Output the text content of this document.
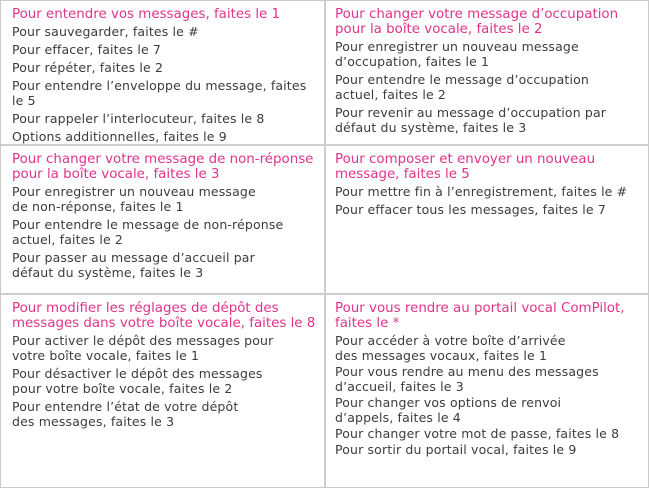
Pour entendre vos messages, faites le 1
Pour sauvegarder, faites le #
Pour effacer, faites le 7
Pour répéter, faites le 2
Pour entendre l’enveloppe du message, faites le 5
Pour rappeler l’interlocuteur, faites le 8
Options additionnelles, faites le 9
Pour changer votre message d’occupation
pour la boîte vocale, faites le 2
Pour enregistrer un nouveau message
d’occupation, faites le 1
Pour entendre le message d’occupation
actuel, faites le 2
Pour revenir au message d’occupation par
défaut du système, faites le 3
Pour changer votre message de non-réponse
pour la boîte vocale, faites le 3
Pour enregistrer un nouveau message
de non-réponse, faites le 1
Pour entendre le message de non-réponse
actuel, faites le 2
Pour passer au message d’accueil par
défaut du système, faites le 3
Pour composer et envoyer un nouveau
message, faites le 5
Pour mettre fin à l’enregistrement, faites le #
Pour effacer tous les messages, faites le 7
Pour modifier les réglages de dépôt des
messages dans votre boîte vocale, faites le 8
Pour activer le dépôt des messages pour
votre boîte vocale, faites le 1
Pour désactiver le dépôt des messages
pour votre boîte vocale, faites le 2
Pour entendre l’état de votre dépôt
des messages, faites le 3
Pour vous rendre au portail vocal ComPilot,
faites le *
Pour accéder à votre boîte d’arrivée
des messages vocaux, faites le 1
Pour vous rendre au menu des messages
d’accueil, faites le 3
Pour changer vos options de renvoi
d’appels, faites le 4
Pour changer votre mot de passe, faites le 8
Pour sortir du portail vocal, faites le 9
